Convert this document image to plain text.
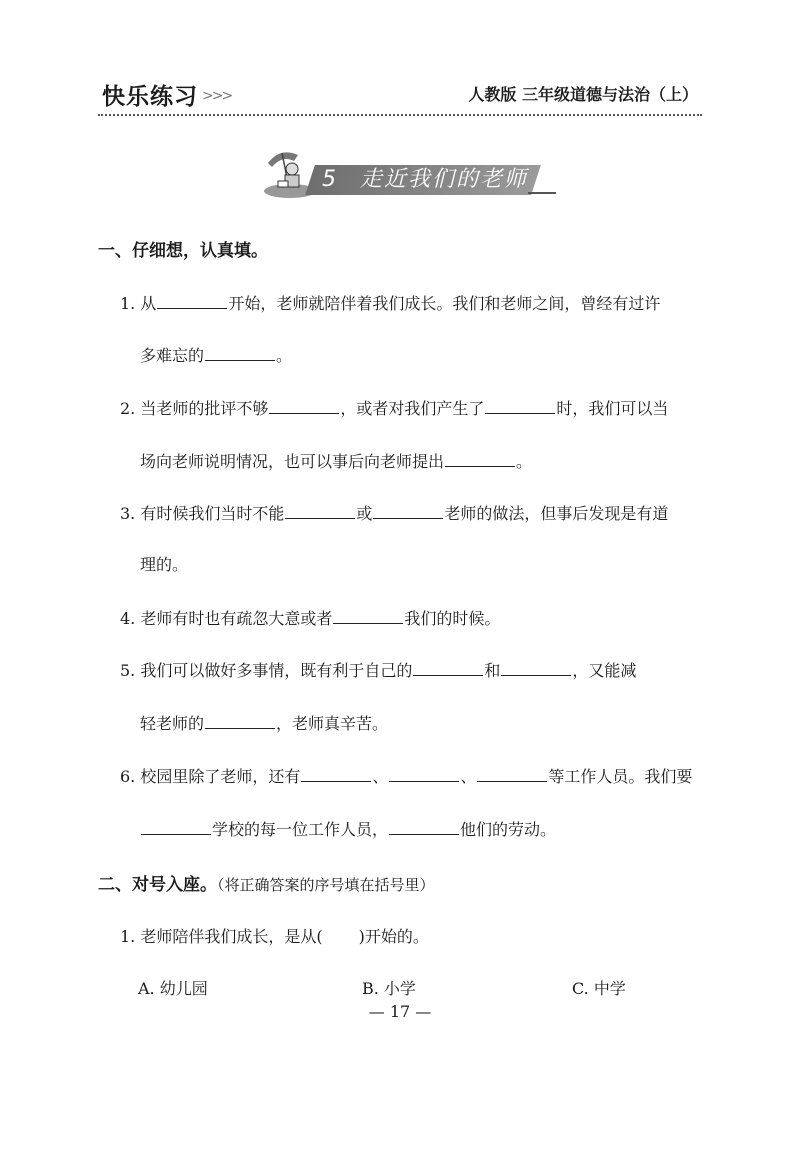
快乐练习 >>>	人教版 三年级道德与法治（上）
5 走近我们的老师
一、仔细想，认真填。
1. 从	开始，老师就陪伴着我们成长。我们和老师之间，曾经有过许
多难忘的	。
2. 当老师的批评不够	，或者对我们产生了	时，我们可以当
场向老师说明情况，也可以事后向老师提出	。
3. 有时候我们当时不能	或	老师的做法，但事后发现是有道
理的。
4. 老师有时也有疏忽大意或者	我们的时候。
5. 我们可以做好多事情，既有利于自己的	和	，又能减
轻老师的	，老师真辛苦。
6. 校园里除了老师，还有	、	、	等工作人员。我们要
学校的每一位工作人员，	他们的劳动。
二、对号入座。（将正确答案的序号填在括号里）
1. 老师陪伴我们成长，是从( )开始的。
A. 幼儿园	B. 小学	C. 中学
— 17 —
